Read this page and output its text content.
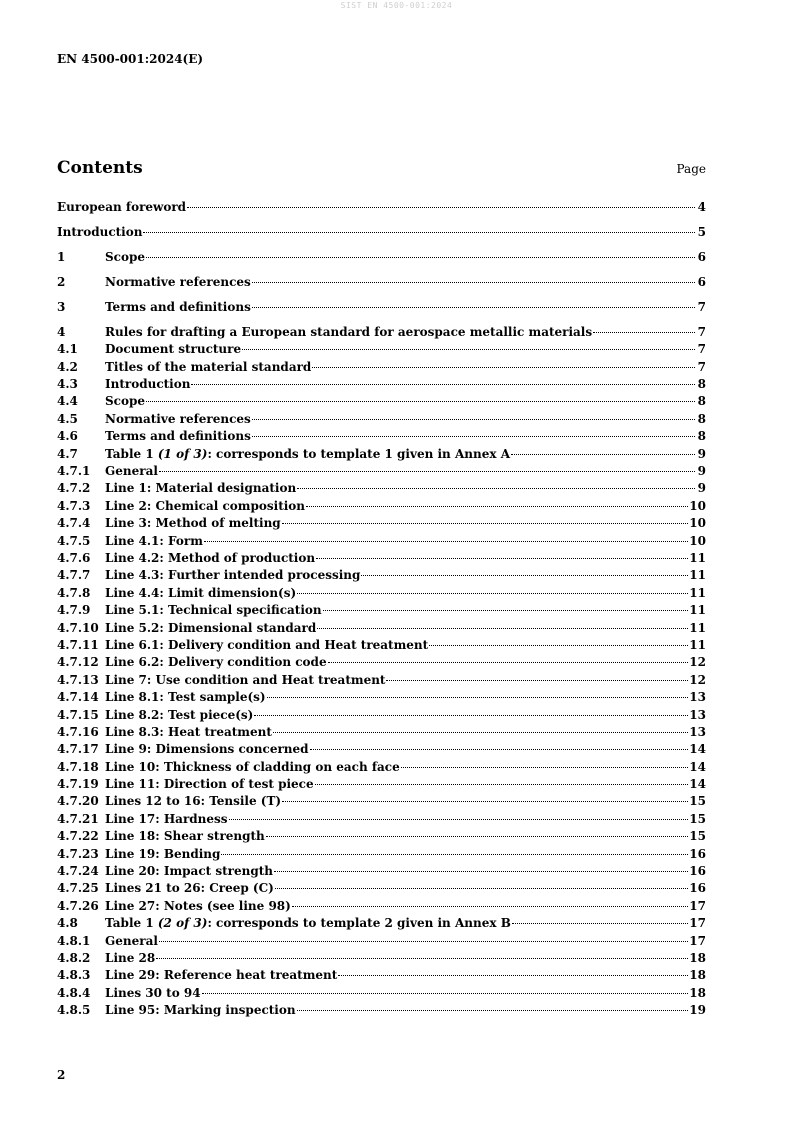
SIST EN 4500-001:2024
EN 4500-001:2024(E)
Contents	Page
European foreword	4
Introduction	5
1	Scope	6
2	Normative references	6
3	Terms and definitions	7
4	Rules for drafting a European standard for aerospace metallic materials	7
4.1	Document structure	7
4.2	Titles of the material standard	7
4.3	Introduction	8
4.4	Scope	8
4.5	Normative references	8
4.6	Terms and definitions	8
4.7	Table 1 (1 of 3): corresponds to template 1 given in Annex A	9
4.7.1	General	9
4.7.2	Line 1: Material designation	9
4.7.3	Line 2: Chemical composition	10
4.7.4	Line 3: Method of melting	10
4.7.5	Line 4.1: Form	10
4.7.6	Line 4.2: Method of production	11
4.7.7	Line 4.3: Further intended processing	11
4.7.8	Line 4.4: Limit dimension(s)	11
4.7.9	Line 5.1: Technical specification	11
4.7.10 Line 5.2: Dimensional standard	11
4.7.11 Line 6.1: Delivery condition and Heat treatment	11
4.7.12 Line 6.2: Delivery condition code	12
4.7.13 Line 7: Use condition and Heat treatment	12
4.7.14 Line 8.1: Test sample(s)	13
4.7.15 Line 8.2: Test piece(s)	13
4.7.16 Line 8.3: Heat treatment	13
4.7.17 Line 9: Dimensions concerned	14
4.7.18 Line 10: Thickness of cladding on each face	14
4.7.19 Line 11: Direction of test piece	14
4.7.20 Lines 12 to 16: Tensile (T)	15
4.7.21 Line 17: Hardness	15
4.7.22 Line 18: Shear strength	15
4.7.23 Line 19: Bending	16
4.7.24 Line 20: Impact strength	16
4.7.25 Lines 21 to 26: Creep (C)	16
4.7.26 Line 27: Notes (see line 98)	17
4.8	Table 1 (2 of 3): corresponds to template 2 given in Annex B	17
4.8.1	General	17
4.8.2	Line 28	18
4.8.3	Line 29: Reference heat treatment	18
4.8.4	Lines 30 to 94	18
4.8.5	Line 95: Marking inspection	19
2
